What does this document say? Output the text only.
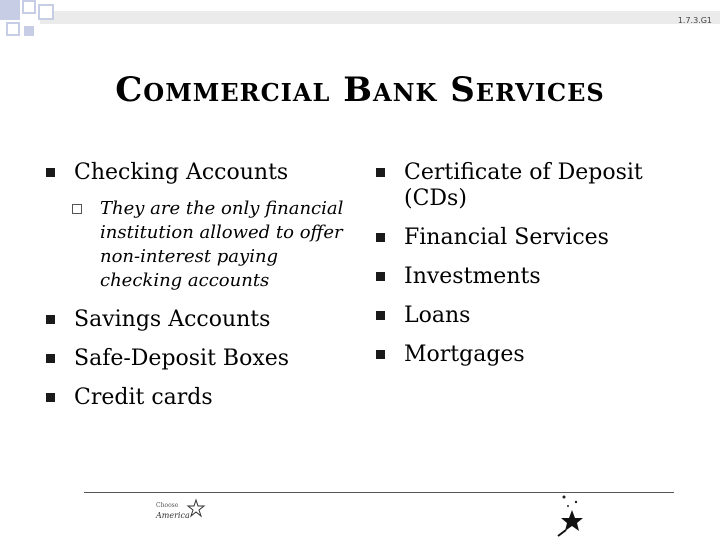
1.7.3.G1
Commercial Bank Services
Checking Accounts
They are the only financial institution allowed to offer non-interest paying checking accounts
Savings Accounts
Safe-Deposit Boxes
Credit cards
Certificate of Deposit (CDs)
Financial Services
Investments
Loans
Mortgages
Choose
America
